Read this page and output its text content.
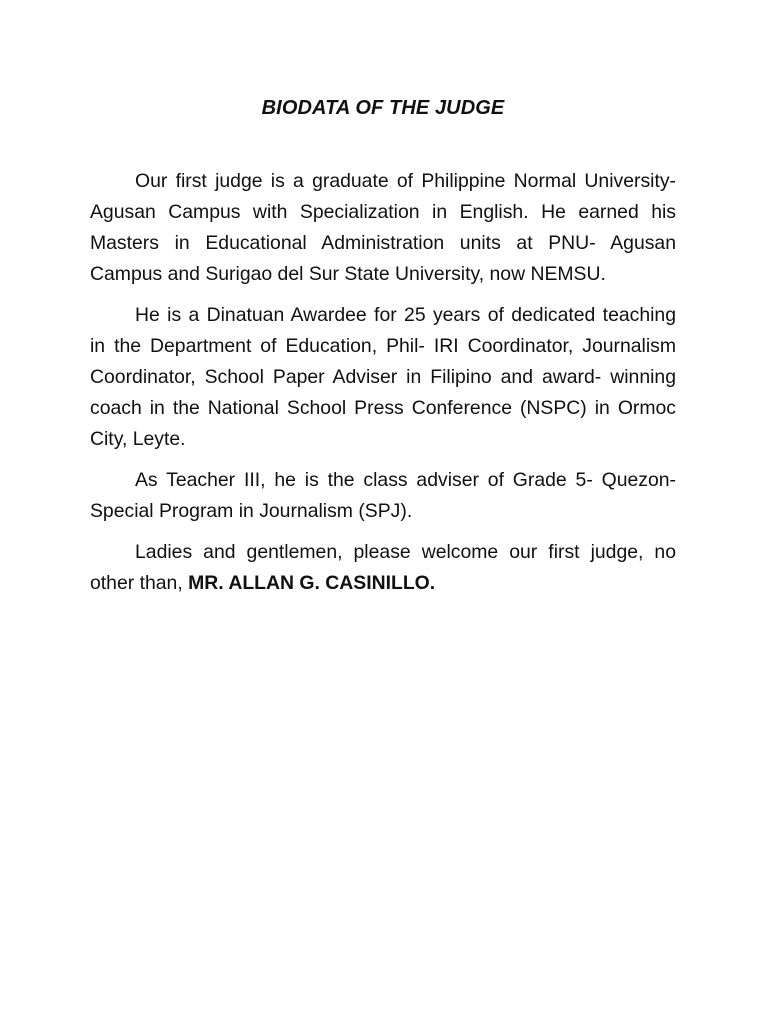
BIODATA OF THE JUDGE

Our first judge is a graduate of Philippine Normal University- Agusan Campus with Specialization in English. He earned his Masters in Educational Administration units at PNU- Agusan Campus and Surigao del Sur State University, now NEMSU.

He is a Dinatuan Awardee for 25 years of dedicated teaching in the Department of Education, Phil- IRI Coordinator, Journalism Coordinator, School Paper Adviser in Filipino and award- winning coach in the National School Press Conference (NSPC) in Ormoc City, Leyte.

As Teacher III, he is the class adviser of Grade 5- Quezon- Special Program in Journalism (SPJ).

Ladies and gentlemen, please welcome our first judge, no other than, MR. ALLAN G. CASINILLO.
